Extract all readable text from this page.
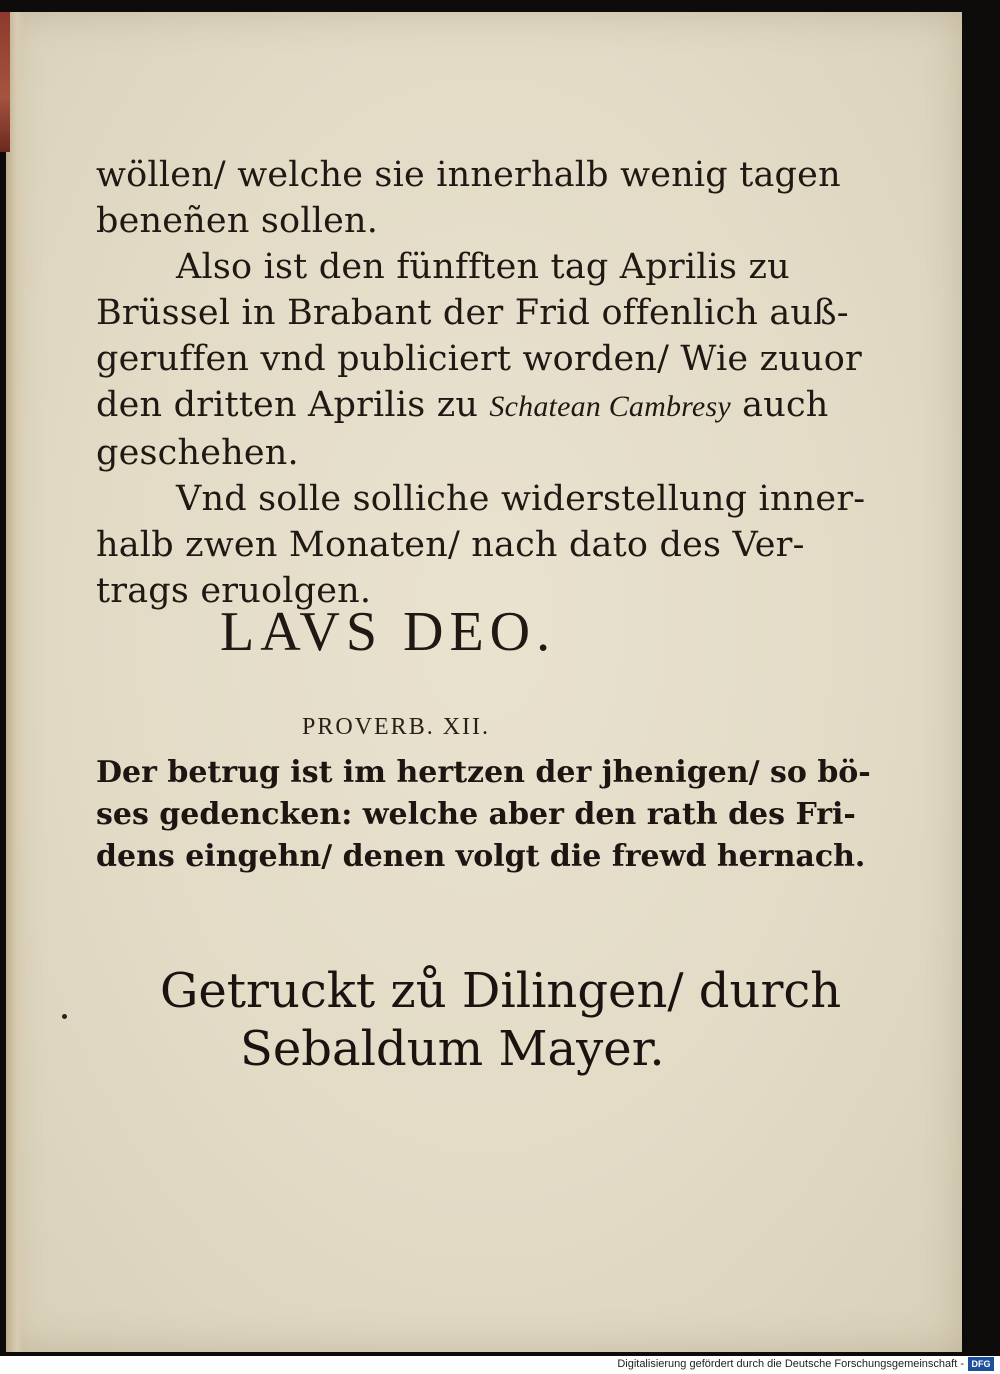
wöllen/ welche sie innerhalb wenig tagen
beneñen sollen.
Also ist den fünfften tag Aprilis zu
Brüssel in Brabant der Frid offenlich auß-
geruffen vnd publiciert worden/ Wie zuuor
den dritten Aprilis zu Schatean Cambresy auch
geschehen.
Vnd solle solliche widerstellung inner-
halb zwen Monaten/ nach dato des Ver-
trags eruolgen.
LAVS DEO.
PROVERB. XII.
Der betrug ist im hertzen der jhenigen/ so bö-
ses gedencken: welche aber den rath des Fri-
dens eingehn/ denen volgt die frewd hernach.
Getruckt zů Dilingen/ durch
Sebaldum Mayer.
Digitalisierung gefördert durch die Deutsche Forschungsgemeinschaft - DFG
